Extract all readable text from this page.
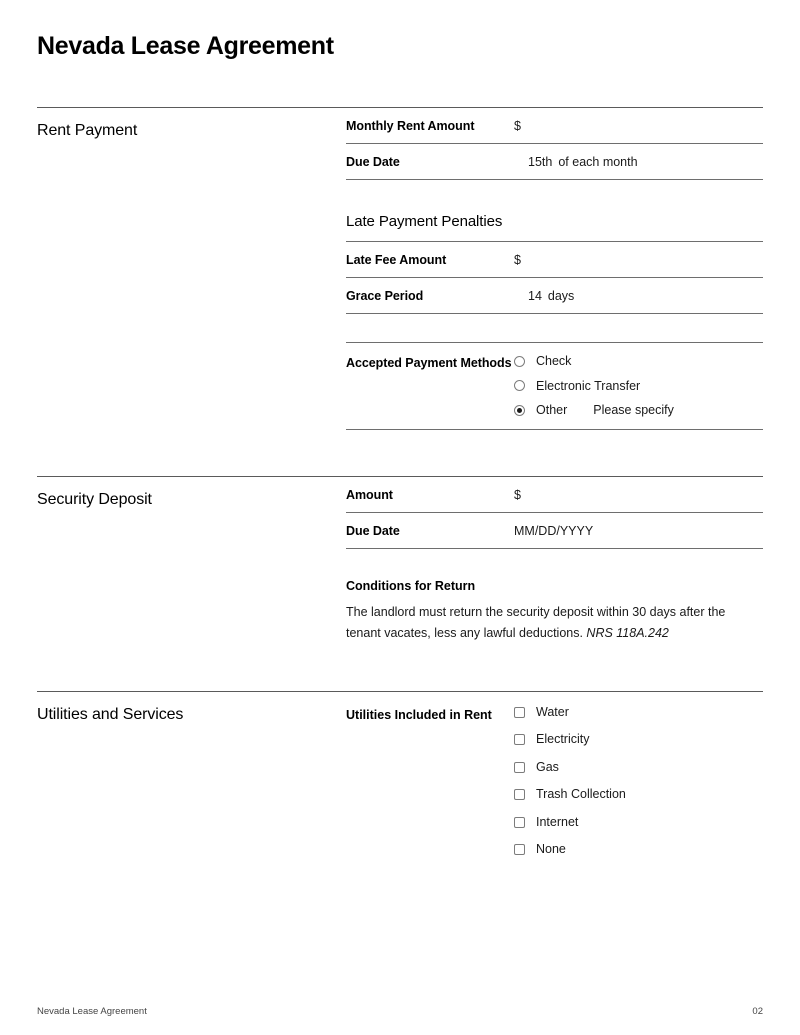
Nevada Lease Agreement
Rent Payment	Monthly Rent Amount	$
Due Date	15th of each month
Late Payment Penalties
Late Fee Amount	$
Grace Period	14 days
Accepted Payment Methods Check
Electronic Transfer
Other Please specify
Security Deposit	Amount	$
Due Date	MM/DD/YYYY
Conditions for Return
The landlord must return the security deposit within 30 days after the tenant vacates, less any lawful deductions. NRS 118A.242
Utilities and Services	Utilities Included in Rent	Water
Electricity
Gas
Trash Collection
Internet
None
Nevada Lease Agreement	02
